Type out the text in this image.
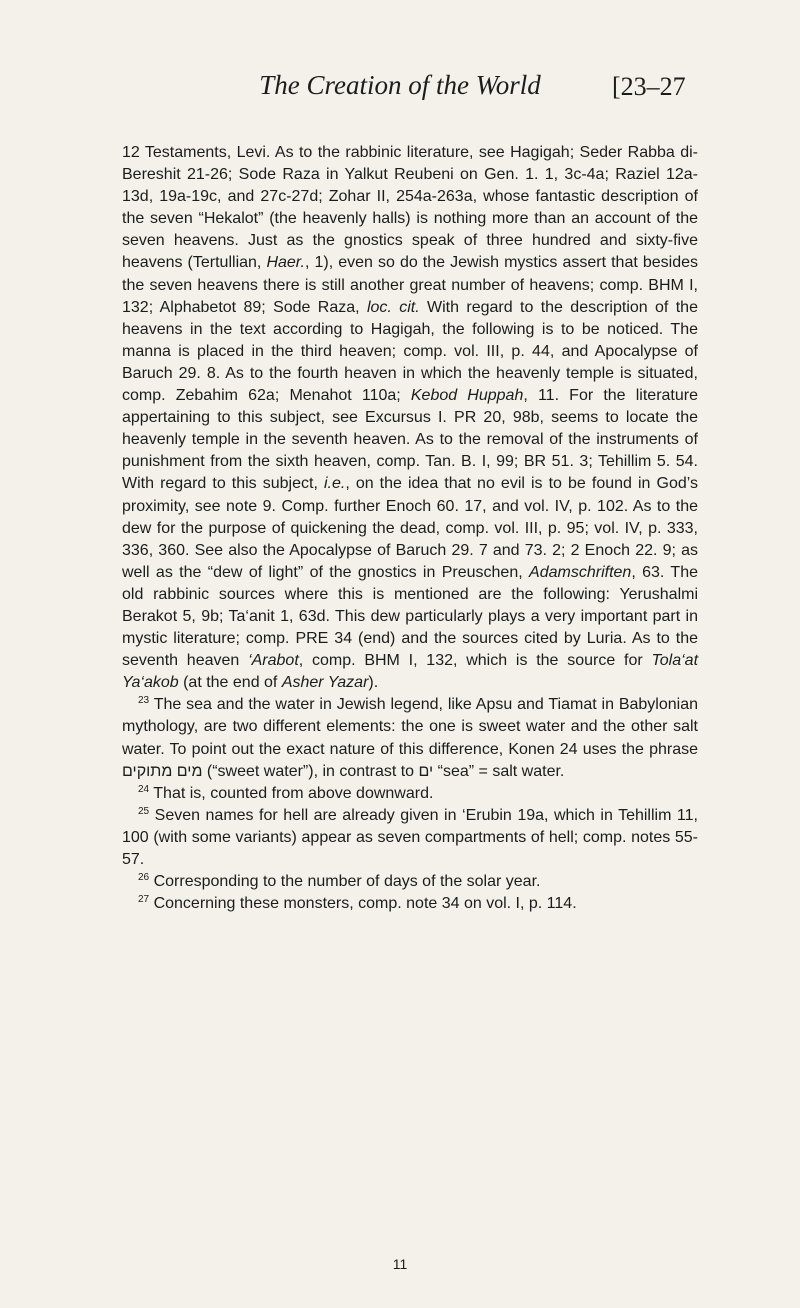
The Creation of the World	[23–27

12 Testaments, Levi. As to the rabbinic literature, see Hagigah; Seder Rabba di-Bereshit 21-26; Sode Raza in Yalkut Reubeni on Gen. 1. 1, 3c-4a; Raziel 12a-13d, 19a-19c, and 27c-27d; Zohar II, 254a-263a, whose fantastic description of the seven “Hekalot” (the heavenly halls) is nothing more than an account of the seven heavens. Just as the gnostics speak of three hundred and sixty-five heavens (Tertullian, Haer., 1), even so do the Jewish mystics assert that besides the seven heavens there is still another great number of heavens; comp. BHM I, 132; Alphabetot 89; Sode Raza, loc. cit. With regard to the description of the heavens in the text according to Hagigah, the following is to be noticed. The manna is placed in the third heaven; comp. vol. III, p. 44, and Apocalypse of Baruch 29. 8. As to the fourth heaven in which the heavenly temple is situated, comp. Zebahim 62a; Menahot 110a; Kebod Huppah, 11. For the literature appertaining to this subject, see Excursus I. PR 20, 98b, seems to locate the heavenly temple in the seventh heaven. As to the removal of the instruments of punishment from the sixth heaven, comp. Tan. B. I, 99; BR 51. 3; Tehillim 5. 54. With regard to this subject, i.e., on the idea that no evil is to be found in God’s proximity, see note 9. Comp. further Enoch 60. 17, and vol. IV, p. 102. As to the dew for the purpose of quickening the dead, comp. vol. III, p. 95; vol. IV, p. 333, 336, 360. See also the Apocalypse of Baruch 29. 7 and 73. 2; 2 Enoch 22. 9; as well as the “dew of light” of the gnostics in Preuschen, Adamschriften, 63. The old rabbinic sources where this is mentioned are the following: Yerushalmi Berakot 5, 9b; Ta‘anit 1, 63d. This dew particularly plays a very important part in mystic literature; comp. PRE 34 (end) and the sources cited by Luria. As to the seventh heaven ‘Arabot, comp. BHM I, 132, which is the source for Tola‘at Ya‘akob (at the end of Asher Yazar).

$^{23}$ The sea and the water in Jewish legend, like Apsu and Tiamat in Babylonian mythology, are two different elements: the one is sweet water and the other salt water. To point out the exact nature of this difference, Konen 24 uses the phrase מים מתוקים (“sweet water”), in contrast to ים “sea” = salt water.

$^{24}$ That is, counted from above downward.

$^{25}$ Seven names for hell are already given in ‘Erubin 19a, which in Tehillim 11, 100 (with some variants) appear as seven compartments of hell; comp. notes 55-57.

$^{26}$ Corresponding to the number of days of the solar year.

$^{27}$ Concerning these monsters, comp. note 34 on vol. I, p. 114.

11
